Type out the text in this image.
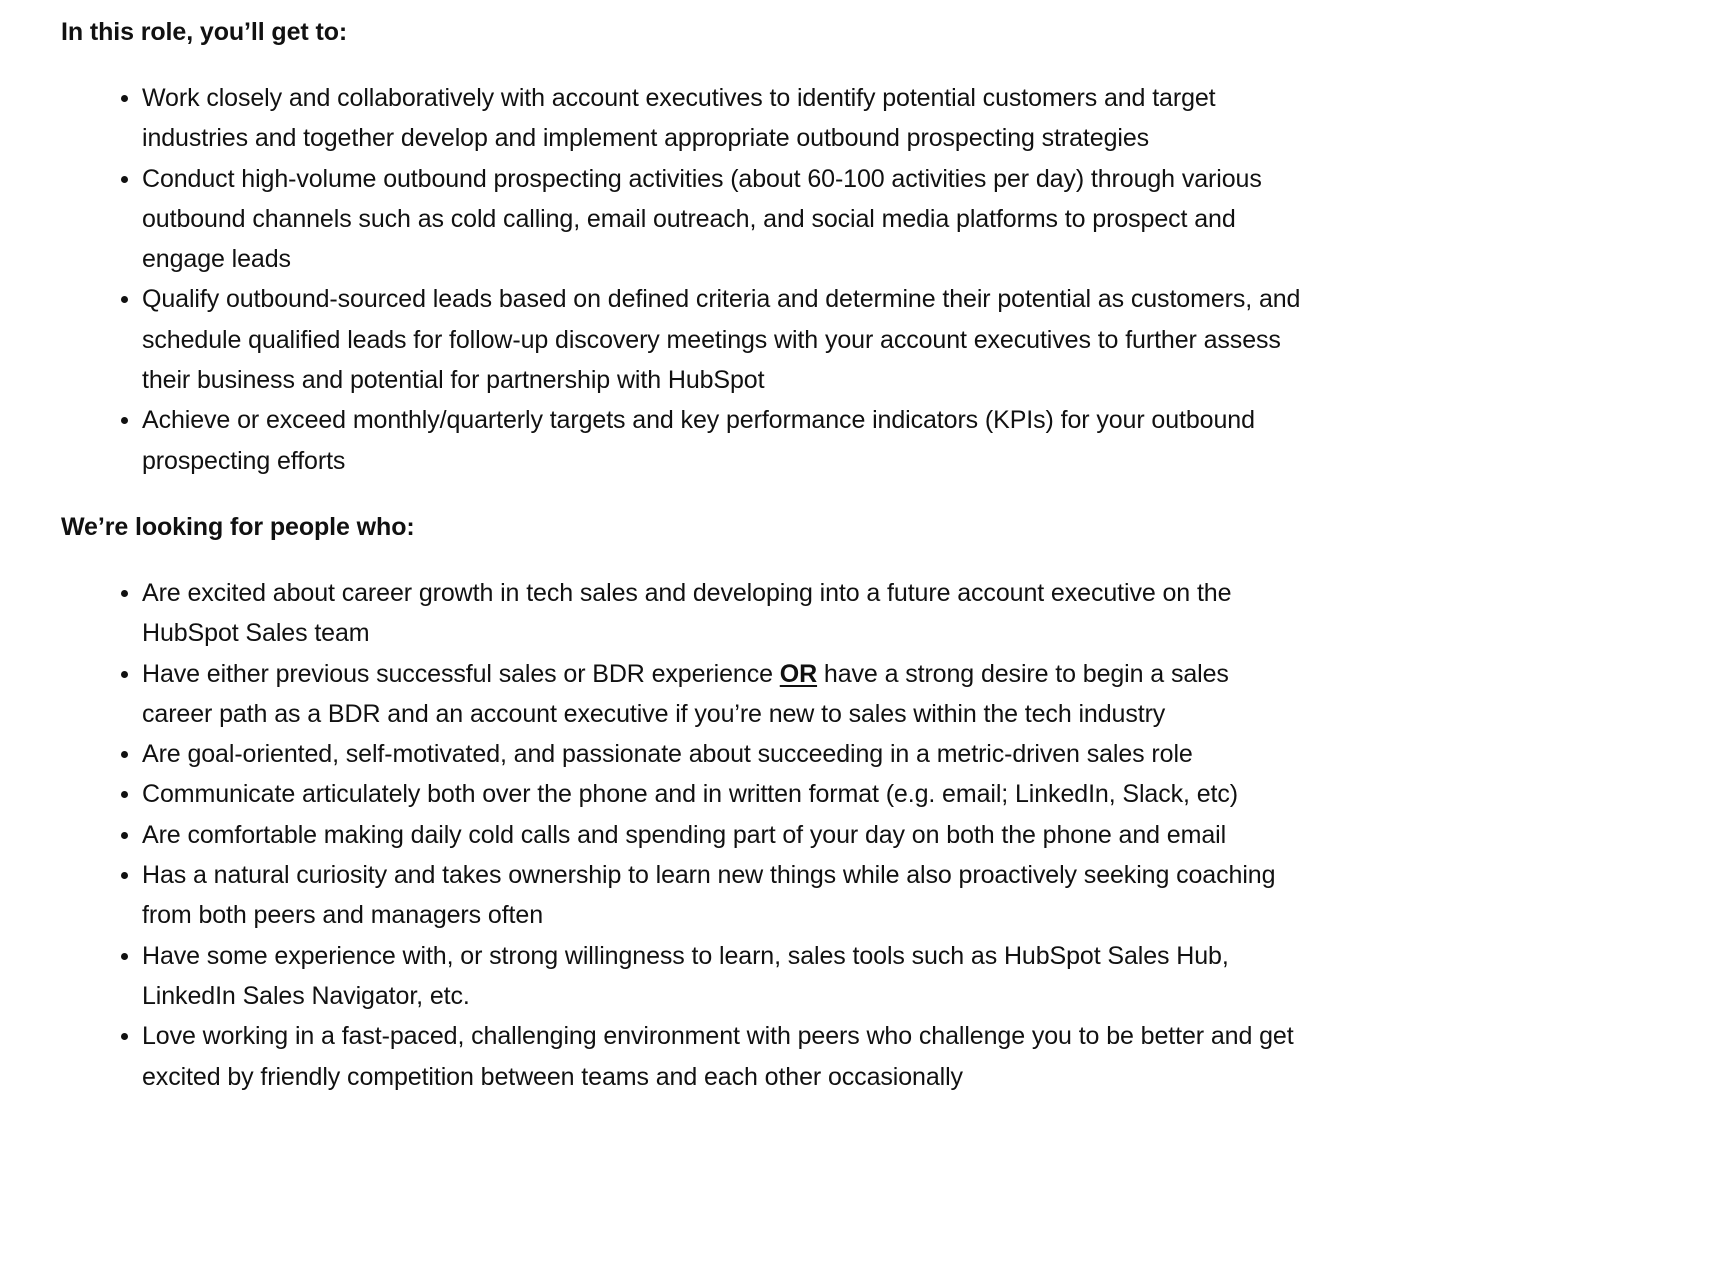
In this role, you’ll get to:
Work closely and collaboratively with account executives to identify potential customers and target industries and together develop and implement appropriate outbound prospecting strategies
Conduct high-volume outbound prospecting activities (about 60-100 activities per day) through various outbound channels such as cold calling, email outreach, and social media platforms to prospect and engage leads
Qualify outbound-sourced leads based on defined criteria and determine their potential as customers, and schedule qualified leads for follow-up discovery meetings with your account executives to further assess their business and potential for partnership with HubSpot
Achieve or exceed monthly/quarterly targets and key performance indicators (KPIs) for your outbound prospecting efforts
We’re looking for people who:
Are excited about career growth in tech sales and developing into a future account executive on the HubSpot Sales team
Have either previous successful sales or BDR experience OR have a strong desire to begin a sales career path as a BDR and an account executive if you’re new to sales within the tech industry
Are goal-oriented, self-motivated, and passionate about succeeding in a metric-driven sales role
Communicate articulately both over the phone and in written format (e.g. email; LinkedIn, Slack, etc)
Are comfortable making daily cold calls and spending part of your day on both the phone and email
Has a natural curiosity and takes ownership to learn new things while also proactively seeking coaching from both peers and managers often
Have some experience with, or strong willingness to learn, sales tools such as HubSpot Sales Hub, LinkedIn Sales Navigator, etc.
Love working in a fast-paced, challenging environment with peers who challenge you to be better and get excited by friendly competition between teams and each other occasionally
